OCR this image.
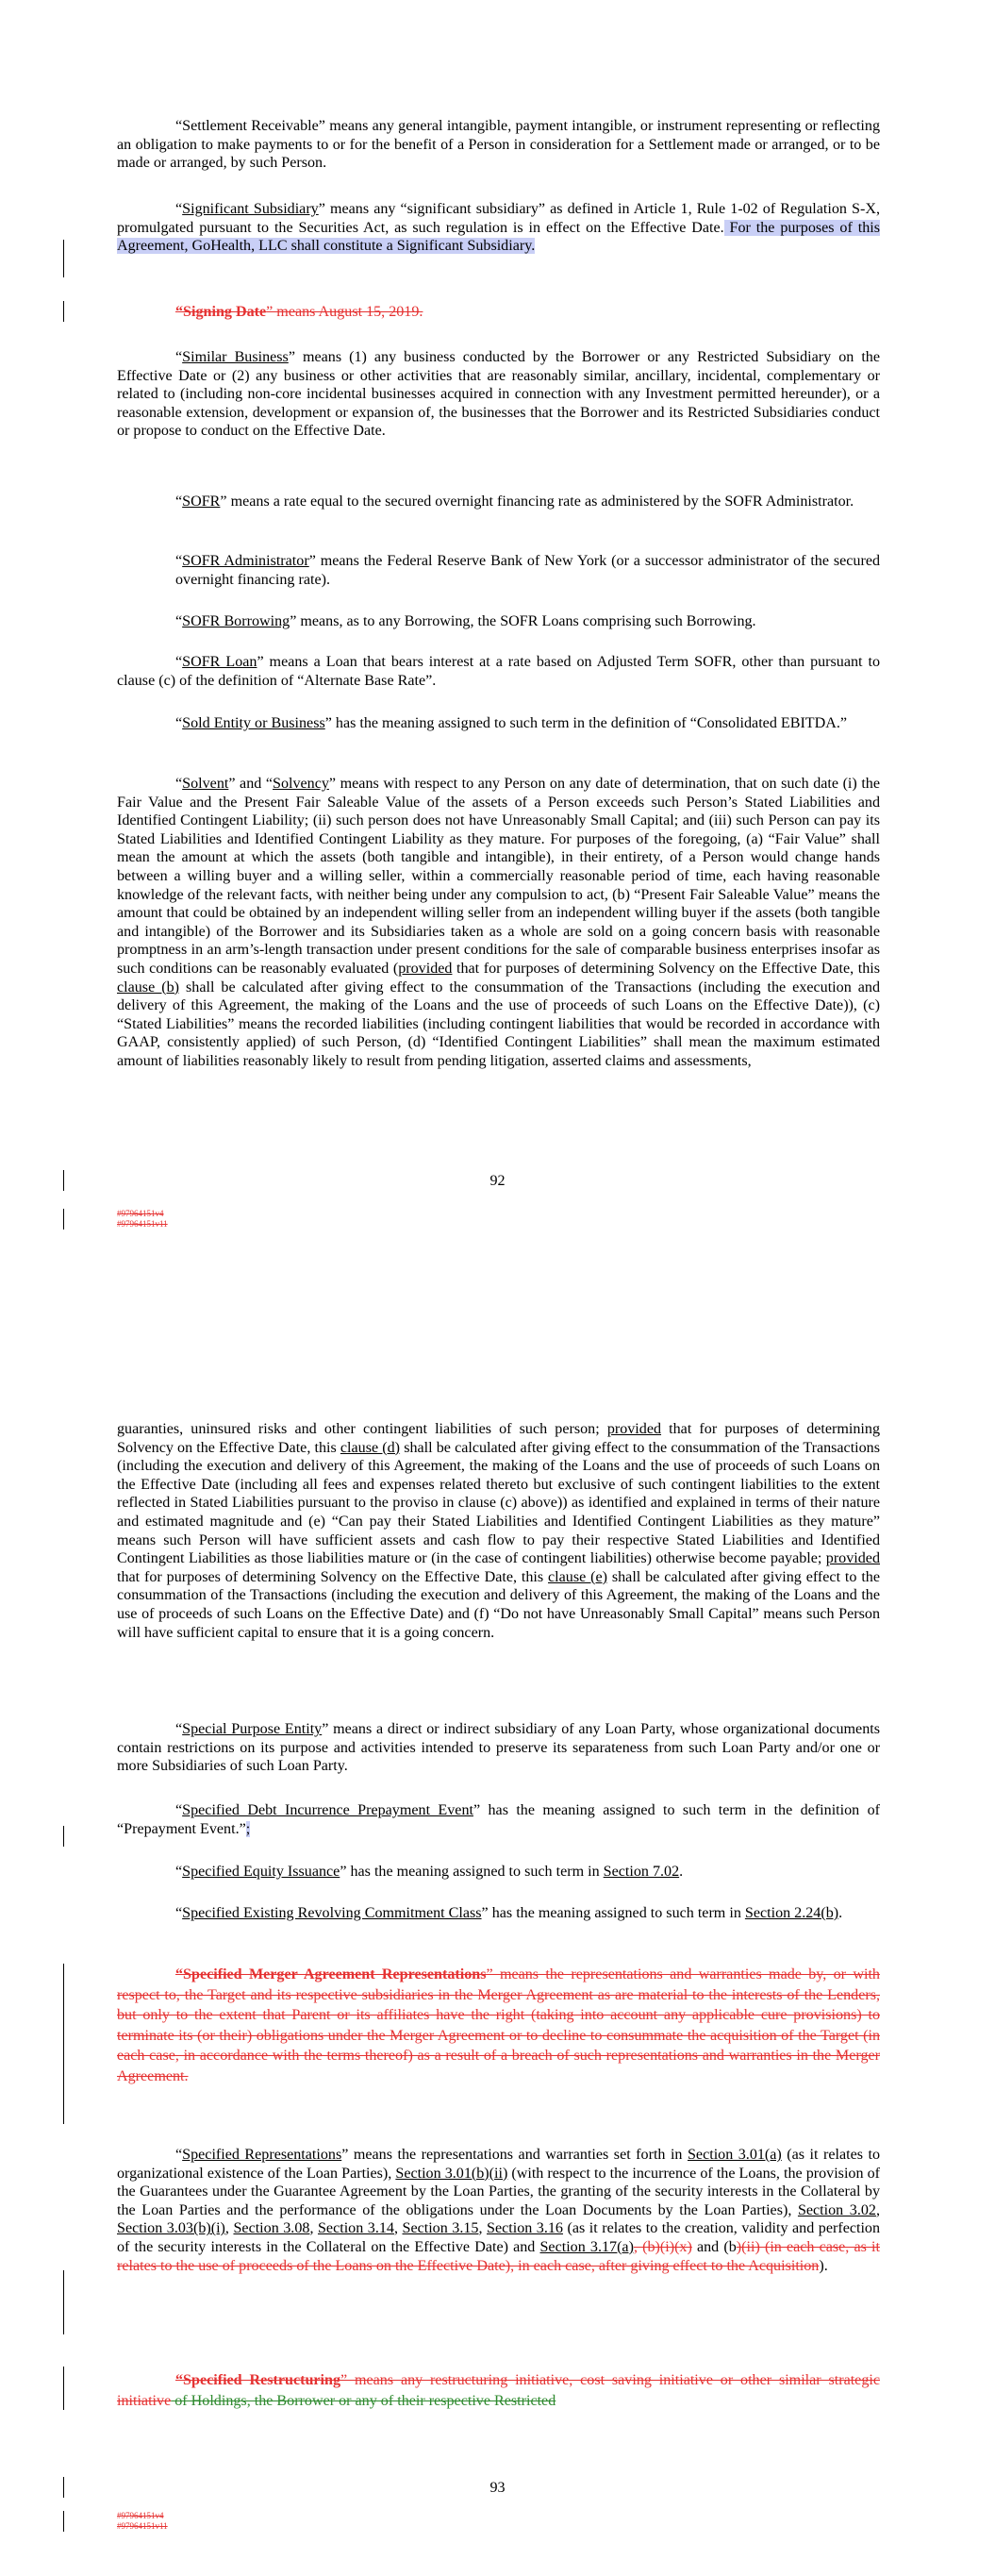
“Settlement Receivable” means any general intangible, payment intangible, or instrument representing or reflecting an obligation to make payments to or for the benefit of a Person in consideration for a Settlement made or arranged, or to be made or arranged, by such Person.

“Significant Subsidiary” means any “significant subsidiary” as defined in Article 1, Rule 1-02 of Regulation S-X, promulgated pursuant to the Securities Act, as such regulation is in effect on the Effective Date. For the purposes of this Agreement, GoHealth, LLC shall constitute a Significant Subsidiary.

“Signing Date” means August 15, 2019.

“Similar Business” means (1) any business conducted by the Borrower or any Restricted Subsidiary on the Effective Date or (2) any business or other activities that are reasonably similar, ancillary, incidental, complementary or related to (including non-core incidental businesses acquired in connection with any Investment permitted hereunder), or a reasonable extension, development or expansion of, the businesses that the Borrower and its Restricted Subsidiaries conduct or propose to conduct on the Effective Date.

“SOFR” means a rate equal to the secured overnight financing rate as administered by the SOFR Administrator.

“SOFR Administrator” means the Federal Reserve Bank of New York (or a successor administrator of the secured overnight financing rate).

“SOFR Borrowing” means, as to any Borrowing, the SOFR Loans comprising such Borrowing.

“SOFR Loan” means a Loan that bears interest at a rate based on Adjusted Term SOFR, other than pursuant to clause (c) of the definition of “Alternate Base Rate”.

“Sold Entity or Business” has the meaning assigned to such term in the definition of “Consolidated EBITDA.”

“Solvent” and “Solvency” means with respect to any Person on any date of determination, that on such date (i) the Fair Value and the Present Fair Saleable Value of the assets of a Person exceeds such Person’s Stated Liabilities and Identified Contingent Liability; (ii) such person does not have Unreasonably Small Capital; and (iii) such Person can pay its Stated Liabilities and Identified Contingent Liability as they mature. For purposes of the foregoing, (a) “Fair Value” shall mean the amount at which the assets (both tangible and intangible), in their entirety, of a Person would change hands between a willing buyer and a willing seller, within a commercially reasonable period of time, each having reasonable knowledge of the relevant facts, with neither being under any compulsion to act, (b) “Present Fair Saleable Value” means the amount that could be obtained by an independent willing seller from an independent willing buyer if the assets (both tangible and intangible) of the Borrower and its Subsidiaries taken as a whole are sold on a going concern basis with reasonable promptness in an arm’s-length transaction under present conditions for the sale of comparable business enterprises insofar as such conditions can be reasonably evaluated (provided that for purposes of determining Solvency on the Effective Date, this clause (b) shall be calculated after giving effect to the consummation of the Transactions (including the execution and delivery of this Agreement, the making of the Loans and the use of proceeds of such Loans on the Effective Date)), (c) “Stated Liabilities” means the recorded liabilities (including contingent liabilities that would be recorded in accordance with GAAP, consistently applied) of such Person, (d) “Identified Contingent Liabilities” shall mean the maximum estimated amount of liabilities reasonably likely to result from pending litigation, asserted claims and assessments,

92

#97964151v4

#97964151v11

guaranties, uninsured risks and other contingent liabilities of such person; provided that for purposes of determining Solvency on the Effective Date, this clause (d) shall be calculated after giving effect to the consummation of the Transactions (including the execution and delivery of this Agreement, the making of the Loans and the use of proceeds of such Loans on the Effective Date (including all fees and expenses related thereto but exclusive of such contingent liabilities to the extent reflected in Stated Liabilities pursuant to the proviso in clause (c) above)) as identified and explained in terms of their nature and estimated magnitude and (e) “Can pay their Stated Liabilities and Identified Contingent Liabilities as they mature” means such Person will have sufficient assets and cash flow to pay their respective Stated Liabilities and Identified Contingent Liabilities as those liabilities mature or (in the case of contingent liabilities) otherwise become payable; provided that for purposes of determining Solvency on the Effective Date, this clause (e) shall be calculated after giving effect to the consummation of the Transactions (including the execution and delivery of this Agreement, the making of the Loans and the use of proceeds of such Loans on the Effective Date) and (f) “Do not have Unreasonably Small Capital” means such Person will have sufficient capital to ensure that it is a going concern.

“Special Purpose Entity” means a direct or indirect subsidiary of any Loan Party, whose organizational documents contain restrictions on its purpose and activities intended to preserve its separateness from such Loan Party and/or one or more Subsidiaries of such Loan Party.

“Specified Debt Incurrence Prepayment Event” has the meaning assigned to such term in the definition of “Prepayment Event.”;

“Specified Equity Issuance” has the meaning assigned to such term in Section 7.02.

“Specified Existing Revolving Commitment Class” has the meaning assigned to such term in Section 2.24(b).

“Specified Merger Agreement Representations” means the representations and warranties made by, or with respect to, the Target and its respective subsidiaries in the Merger Agreement as are material to the interests of the Lenders, but only to the extent that Parent or its affiliates have the right (taking into account any applicable cure provisions) to terminate its (or their) obligations under the Merger Agreement or to decline to consummate the acquisition of the Target (in each case, in accordance with the terms thereof) as a result of a breach of such representations and warranties in the Merger Agreement.

“Specified Representations” means the representations and warranties set forth in Section 3.01(a) (as it relates to organizational existence of the Loan Parties), Section 3.01(b)(ii) (with respect to the incurrence of the Loans, the provision of the Guarantees under the Guarantee Agreement by the Loan Parties, the granting of the security interests in the Collateral by the Loan Parties and the performance of the obligations under the Loan Documents by the Loan Parties), Section 3.02, Section 3.03(b)(i), Section 3.08, Section 3.14, Section 3.15, Section 3.16 (as it relates to the creation, validity and perfection of the security interests in the Collateral on the Effective Date) and Section 3.17(a), (b)(i)(x) and (b)(ii) (in each case, as it relates to the use of proceeds of the Loans on the Effective Date), in each case, after giving effect to the Acquisition).

“Specified Restructuring” means any restructuring initiative, cost saving initiative or other similar strategic initiative of Holdings, the Borrower or any of their respective Restricted

93

#97964151v4

#97964151v11
